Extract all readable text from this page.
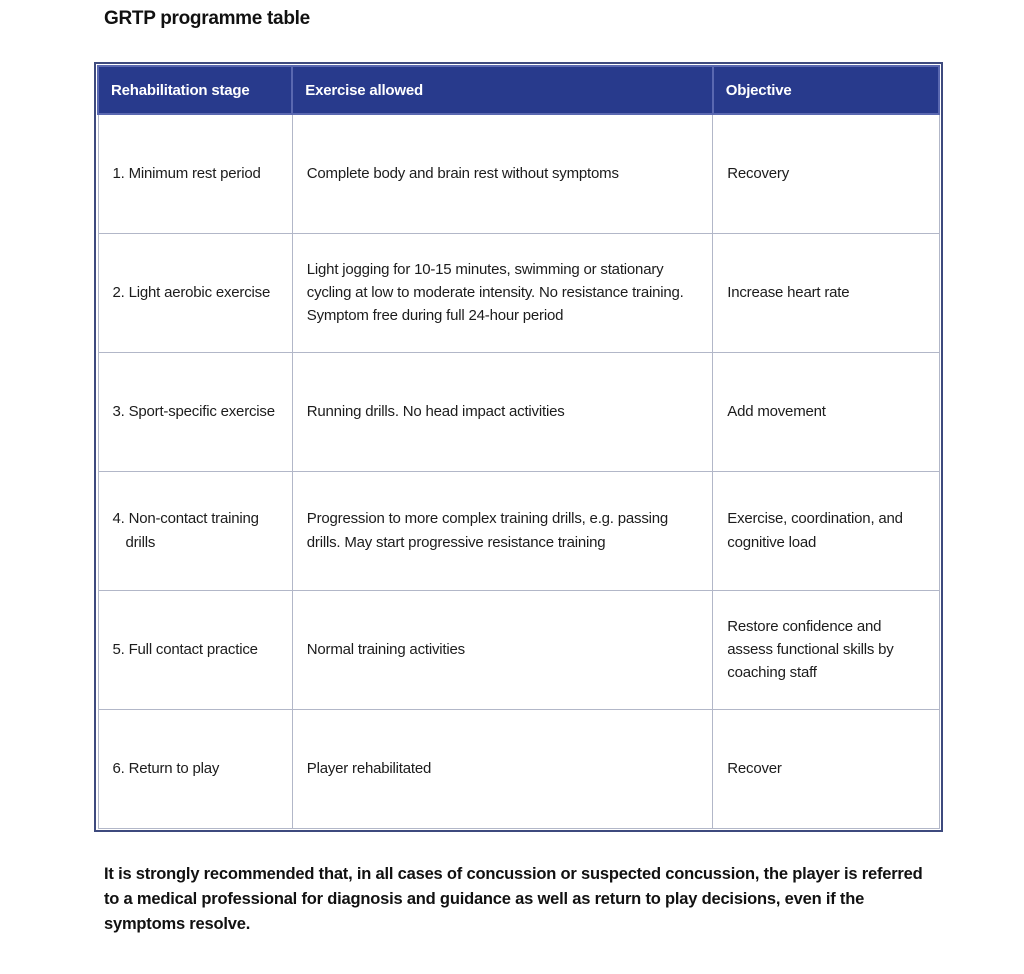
GRTP programme table
Rehabilitation stage	Exercise allowed	Objective

1. Minimum rest period	Complete body and brain rest without symptoms	Recovery

2. Light aerobic exercise	Light jogging for 10-15 minutes, swimming or stationary cycling at low to moderate intensity. No resistance training. Symptom free during full 24-hour period	Increase heart rate

3. Sport-specific exercise	Running drills. No head impact activities	Add movement

4. Non-contact training drills	Progression to more complex training drills, e.g. passing drills. May start progressive resistance training	Exercise, coordination, and cognitive load

5. Full contact practice	Normal training activities	Restore confidence and assess functional skills by coaching staff

6. Return to play	Player rehabilitated	Recover

It is strongly recommended that, in all cases of concussion or suspected concussion, the player is referred to a medical professional for diagnosis and guidance as well as return to play decisions, even if the symptoms resolve.
